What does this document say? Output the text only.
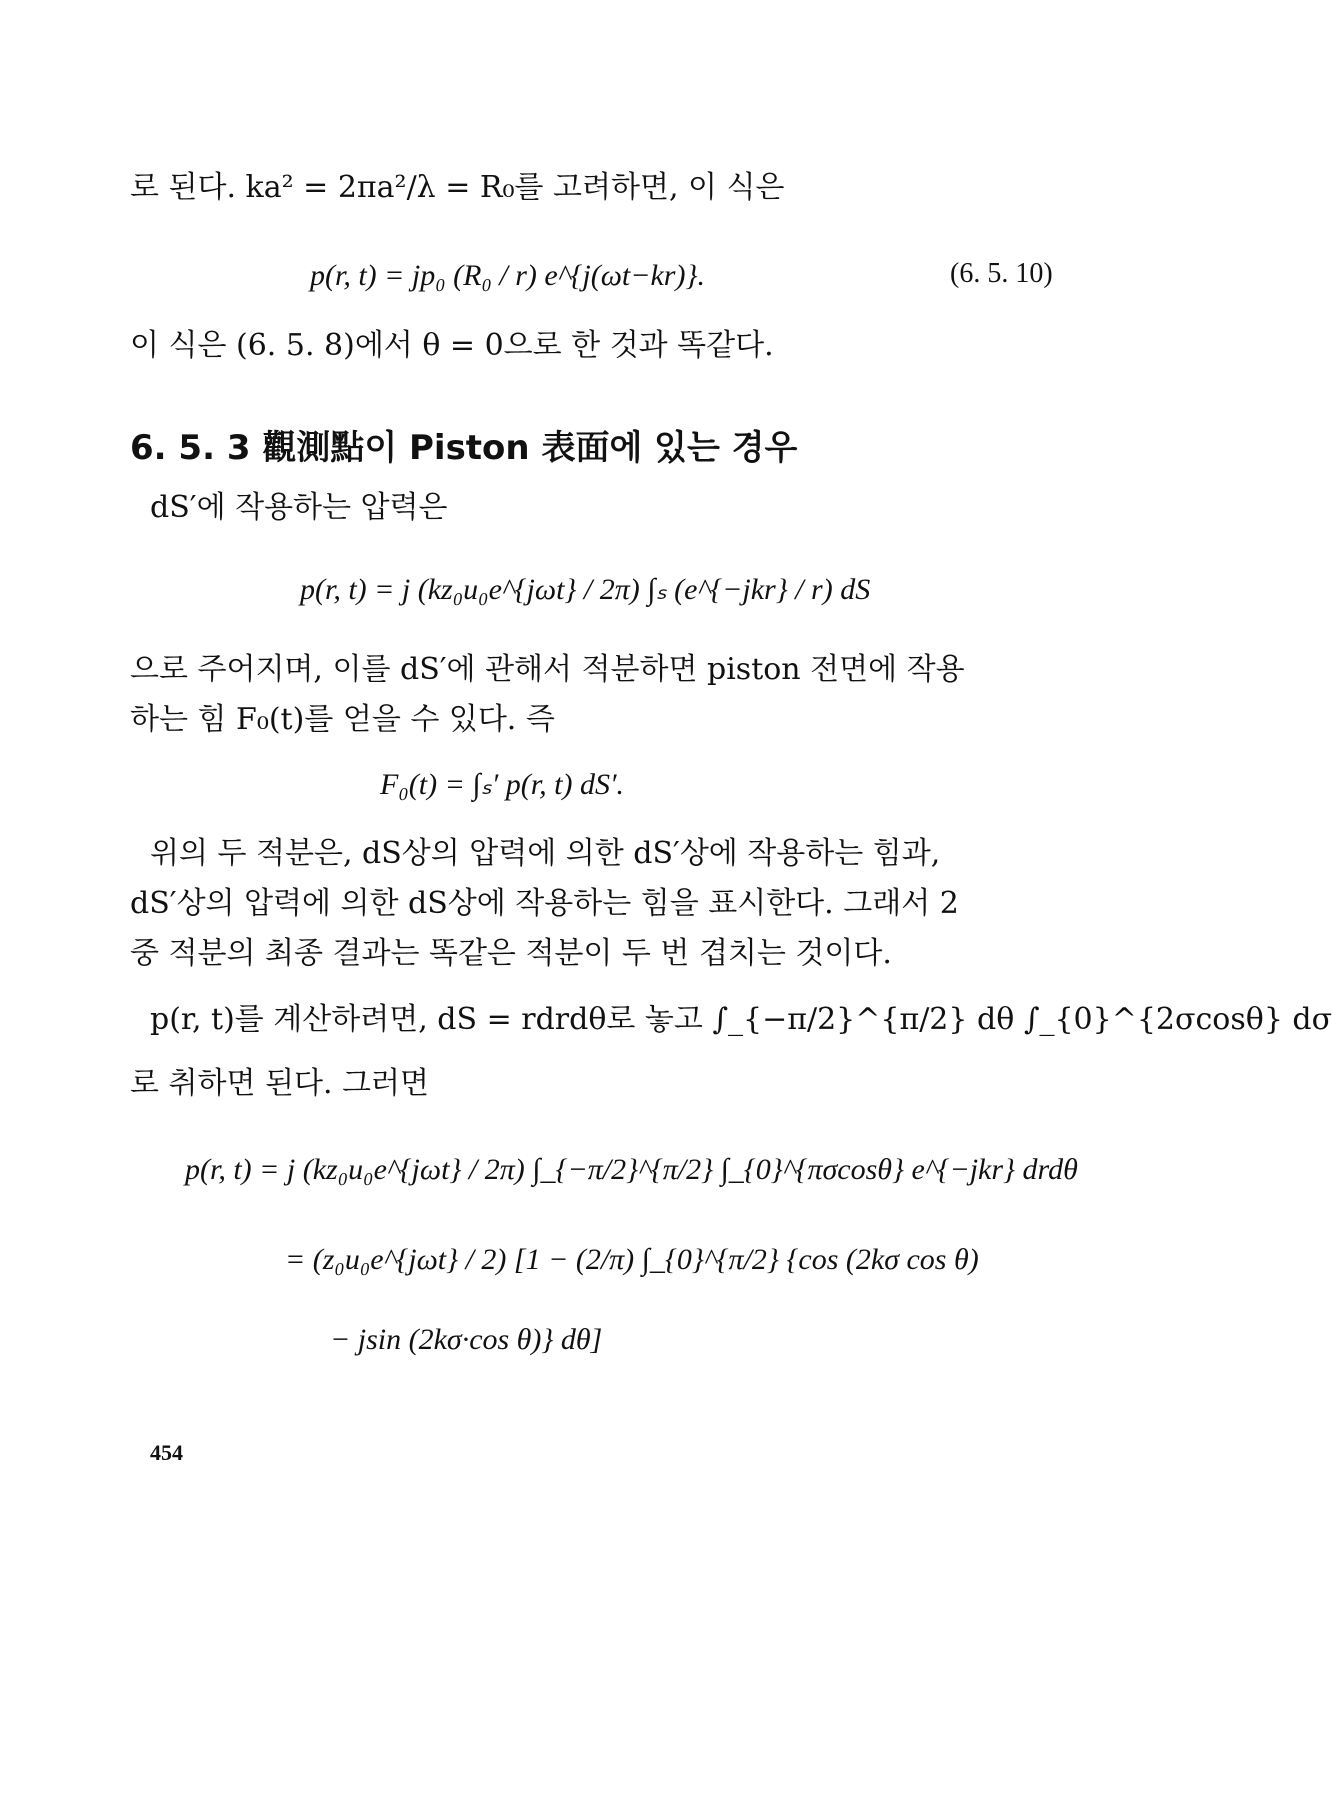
로 된다. ka² = 2πa²/λ = R₀를 고려하면, 이 식은
p(r, t) = jp₀ (R₀ / r) e^{j(ωt−kr)}.	(6. 5. 10)
이 식은 (6. 5. 8)에서 θ = 0으로 한 것과 똑같다.
6. 5. 3 觀測點이 Piston 表面에 있는 경우
dS′에 작용하는 압력은
p(r, t) = j (kz₀u₀e^{jωt} / 2π) ∫ₛ (e^{−jkr} / r) dS
으로 주어지며, 이를 dS′에 관해서 적분하면 piston 전면에 작용
하는 힘 F₀(t)를 얻을 수 있다. 즉
F₀(t) = ∫ₛ′ p(r, t) dS′.
위의 두 적분은, dS상의 압력에 의한 dS′상에 작용하는 힘과,
dS′상의 압력에 의한 dS상에 작용하는 힘을 표시한다. 그래서 2
중 적분의 최종 결과는 똑같은 적분이 두 번 겹치는 것이다.
p(r, t)를 계산하려면, dS = rdrdθ로 놓고 ∫_{−π/2}^{π/2} dθ ∫_{0}^{2σcosθ} dσ
로 취하면 된다. 그러면
p(r, t) = j (kz₀u₀e^{jωt} / 2π) ∫_{−π/2}^{π/2} ∫_{0}^{πσcosθ} e^{−jkr} drdθ
= (z₀u₀e^{jωt} / 2) [1 − (2/π) ∫_{0}^{π/2} {cos (2kσ cos θ)
− jsin (2kσ·cos θ)} dθ]
454
